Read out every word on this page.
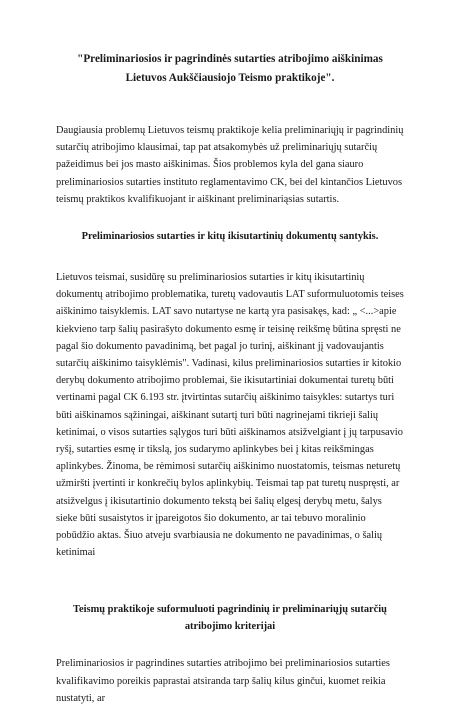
"Preliminariosios ir pagrindinės sutarties atribojimo aiškinimas Lietuvos Aukščiausiojo Teismo praktikoje".

Daugiausia problemų Lietuvos teismų praktikoje kelia preliminariųjų ir pagrindinių sutarčių atribojimo klausimai, tap pat atsakomybės už preliminariųjų sutarčių pažeidimus bei jos masto aiškinimas. Šios problemos kyla del gana siauro preliminariosios sutarties instituto reglamentavimo CK, bei del kintančios Lietuvos teismų praktikos kvalifikuojant ir aiškinant preliminariąsias sutartis.

Preliminariosios sutarties ir kitų ikisutartinių dokumentų santykis.

Lietuvos teismai, susidūrę su preliminariosios sutarties ir kitų ikisutartinių dokumentų atribojimo problematika, turetų vadovautis LAT suformuluotomis teises aiškinimo taisyklemis. LAT savo nutartyse ne kartą yra pasisakęs, kad: „ <...>apie kiekvieno tarp šalių pasirašyto dokumento esmę ir teisinę reikšmę būtina spręsti ne pagal šio dokumento pavadinimą, bet pagal jo turinį, aiškinant jį vadovaujantis sutarčių aiškinimo taisyklėmis". Vadinasi, kilus preliminariosios sutarties ir kitokio derybų dokumento atribojimo problemai, šie ikisutartiniai dokumentai turetų būti vertinami pagal CK 6.193 str. įtvirtintas sutarčių aiškinimo taisykles: sutartys turi būti aiškinamos sąžiningai, aiškinant sutartį turi būti nagrinejami tikrieji šalių ketinimai, o visos sutarties sąlygos turi būti aiškinamos atsižvelgiant į jų tarpusavio ryšį, sutarties esmę ir tikslą, jos sudarymo aplinkybes bei į kitas reikšmingas aplinkybes. Žinoma, be rėmimosi sutarčių aiškinimo nuostatomis, teismas neturetų užmiršti įvertinti ir konkrečių bylos aplinkybių. Teismai tap pat turetų nuspręsti, ar atsižvelgus į ikisutartinio dokumento tekstą bei šalių elgesį derybų metu, šalys sieke būti susaistytos ir įpareigotos šio dokumento, ar tai tebuvo moralinio pobūdžio aktas. Šiuo atveju svarbiausia ne dokumento ne pavadinimas, o šalių ketinimai

Teismų praktikoje suformuluoti pagrindinių ir preliminariųjų sutarčių atribojimo kriterijai

Preliminariosios ir pagrindines sutarties atribojimo bei preliminariosios sutarties kvalifikavimo poreikis paprastai atsiranda tarp šalių kilus ginčui, kuomet reikia nustatyti, ar
